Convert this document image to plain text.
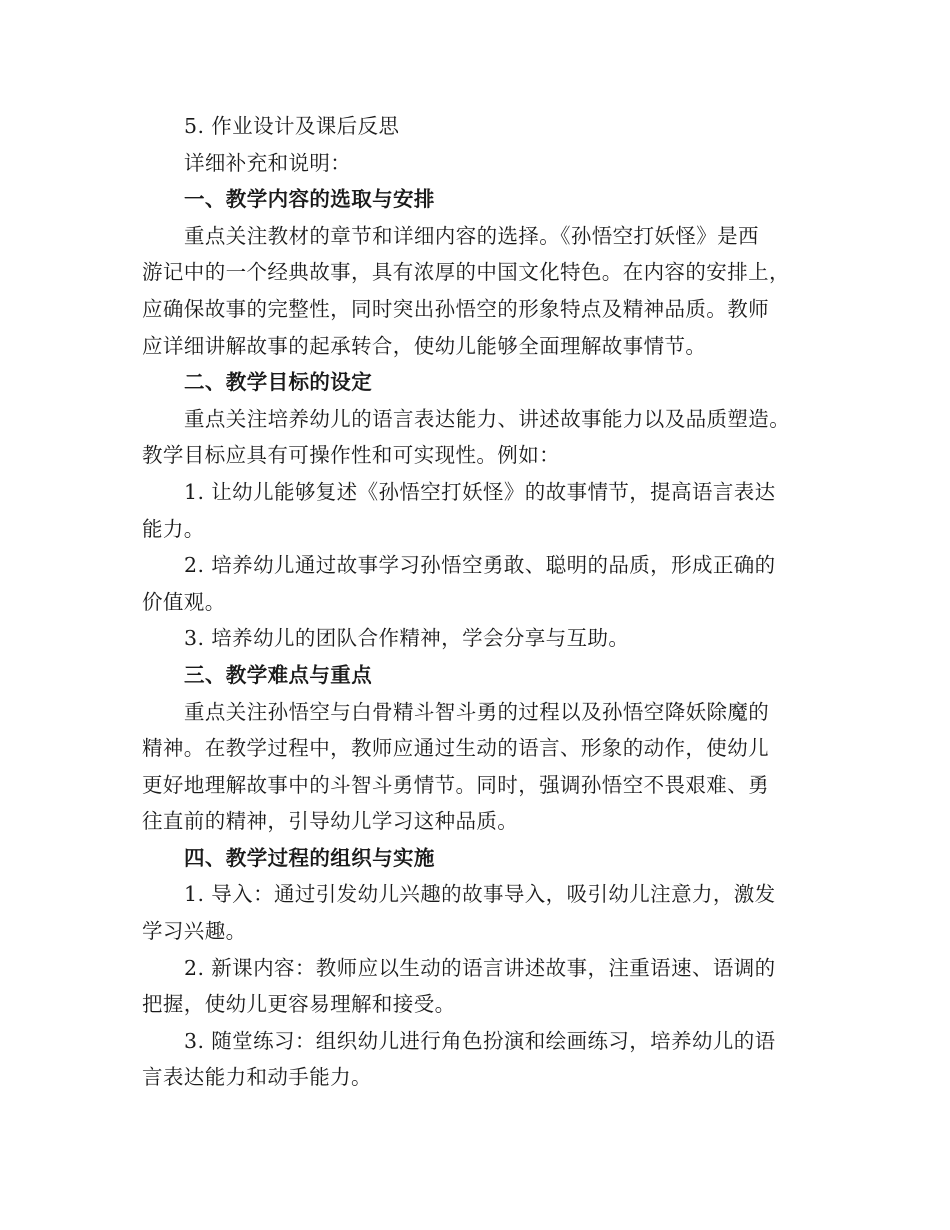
5. 作业设计及课后反思

详细补充和说明：

一、教学内容的选取与安排

重点关注教材的章节和详细内容的选择。《孙悟空打妖怪》是西

游记中的一个经典故事，具有浓厚的中国文化特色。在内容的安排上，

应确保故事的完整性，同时突出孙悟空的形象特点及精神品质。教师

应详细讲解故事的起承转合，使幼儿能够全面理解故事情节。

二、教学目标的设定

重点关注培养幼儿的语言表达能力、讲述故事能力以及品质塑造。

教学目标应具有可操作性和可实现性。例如：

1. 让幼儿能够复述《孙悟空打妖怪》的故事情节，提高语言表达

能力。

2. 培养幼儿通过故事学习孙悟空勇敢、聪明的品质，形成正确的

价值观。

3. 培养幼儿的团队合作精神，学会分享与互助。

三、教学难点与重点

重点关注孙悟空与白骨精斗智斗勇的过程以及孙悟空降妖除魔的

精神。在教学过程中，教师应通过生动的语言、形象的动作，使幼儿

更好地理解故事中的斗智斗勇情节。同时，强调孙悟空不畏艰难、勇

往直前的精神，引导幼儿学习这种品质。

四、教学过程的组织与实施

1. 导入：通过引发幼儿兴趣的故事导入，吸引幼儿注意力，激发

学习兴趣。

2. 新课内容：教师应以生动的语言讲述故事，注重语速、语调的

把握，使幼儿更容易理解和接受。

3. 随堂练习：组织幼儿进行角色扮演和绘画练习，培养幼儿的语

言表达能力和动手能力。
